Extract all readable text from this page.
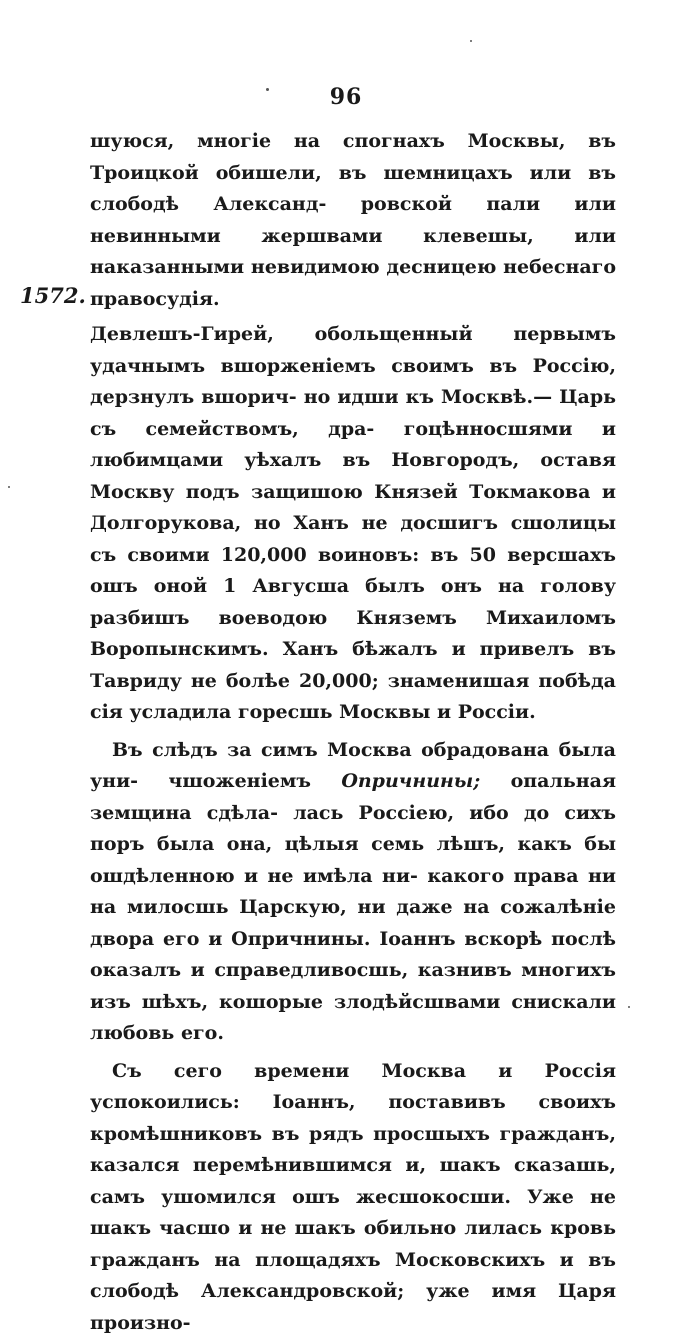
96
1572.

шуюся, многіе на спогнахъ Москвы, въ Троицкой обишели, въ шемницахъ или въ слободѣ Александ- ровской пали или невинными жершвами клевешы, или наказанными невидимою десницею небеснаго правосудія.

Девлешъ-Гирей, обольщенный первымъ удачнымъ вшорженіемъ своимъ въ Россію, дерзнулъ вшорич- но идши къ Москвѣ.— Царь съ семействомъ, дра- гоцѣнносшями и любимцами уѣхалъ въ Новгородъ, оставя Москву подъ защишою Князей Токмакова и Долгорукова, но Ханъ не досшигъ сшолицы съ своими 120,000 воиновъ: въ 50 версшахъ ошъ оной 1 Авгусша былъ онъ на голову разбишъ воеводою Княземъ Михаиломъ Воропынскимъ. Ханъ бѣжалъ и привелъ въ Тавриду не болѣе 20,000; знаменишая побѣда сія усладила горесшь Москвы и Россіи.

Въ слѣдъ за симъ Москва обрадована была уни- чшоженіемъ Опричнины; опальная земщина сдѣла- лась Россіею, ибо до сихъ поръ была она, цѣлыя семь лѣшъ, какъ бы ошдѣленною и не имѣла ни- какого права ни на милосшь Царскую, ни даже на сожалѣніе двора его и Опричнины. Іоаннъ вскорѣ послѣ оказалъ и справедливосшь, казнивъ многихъ изъ шѣхъ, кошорые злодѣйсшвами снискали любовь его.

Съ сего времени Москва и Россія успокоились: Іоаннъ, поставивъ своихъ кромѣшниковъ въ рядъ просшыхъ гражданъ, казался перемѣнившимся и, шакъ сказашь, самъ ушомился ошъ жесшокосши. Уже не шакъ часшо и не шакъ обильно лилась кровь гражданъ на площадяхъ Московскихъ и въ слободѣ Александровской; уже имя Царя произно-
